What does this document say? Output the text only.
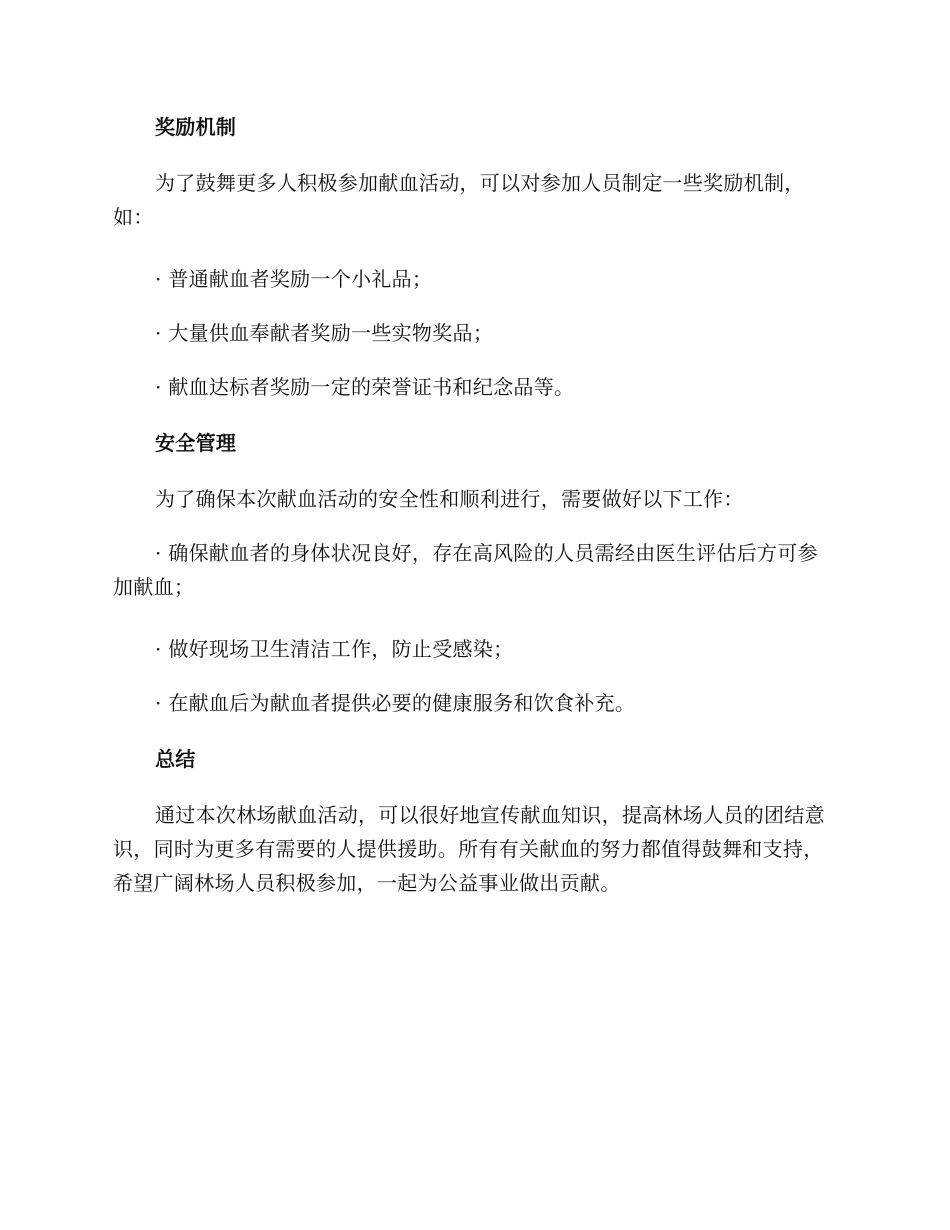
奖励机制

为了鼓舞更多人积极参加献血活动，可以对参加人员制定一些奖励机制，如：

· 普通献血者奖励一个小礼品；

· 大量供血奉献者奖励一些实物奖品；

· 献血达标者奖励一定的荣誉证书和纪念品等。

安全管理

为了确保本次献血活动的安全性和顺利进行，需要做好以下工作：

· 确保献血者的身体状况良好，存在高风险的人员需经由医生评估后方可参加献血；

· 做好现场卫生清洁工作，防止受感染；

· 在献血后为献血者提供必要的健康服务和饮食补充。

总结

通过本次林场献血活动，可以很好地宣传献血知识，提高林场人员的团结意识，同时为更多有需要的人提供援助。所有有关献血的努力都值得鼓舞和支持，希望广阔林场人员积极参加，一起为公益事业做出贡献。
